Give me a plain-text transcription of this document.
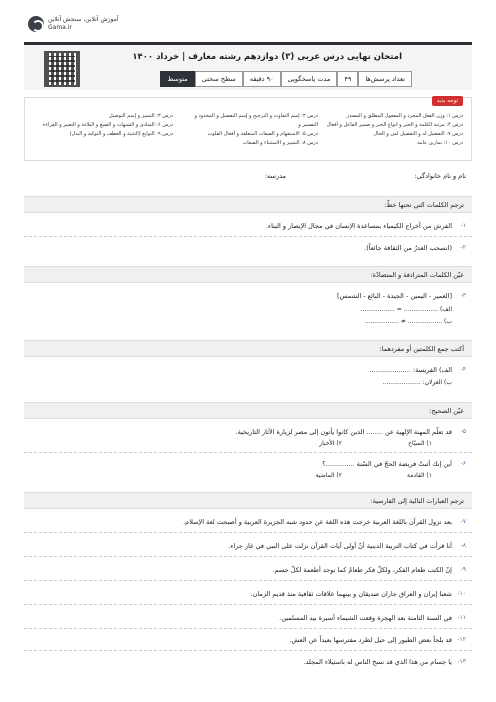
آموزش آنلاین، سنجش آنلاین
Gama.ir
امتحان نهایی درس عربی (۳) دوازدهم رشته معارف | خرداد ۱۴۰۰
تعداد پرسش‌ها
۴۹
مدت پاسخگویی
۹۰ دقیقه
سطح سختی
متوسط
توجه بدید
درس ۱: وزن الفعل المجرد و المفعول المطلق و المصدر
درس ۴: مرتبة الكلمة و الخبر و انواع الخبر و ضمير الفاعل و أفعال
درس ۷: التفضيل له و التفضيل لمن و الحال
درس ۱۰: تمارين عامة
درس ۲: إسم التفاوت و الترجيح و إسم التفضيل و المحدود و التفسير و
درس ۵: الاستفهام و الصفات المتعلقة و أفعال القلوب
درس ۸: التمييز و الاستثناء و الصفات
درس ۳: التمييز و إسم التوصيل
درس ۶: المنادى و الشبهات و الصيغ و البلاغة و التعبير و القراءة
درس ۹: التوابع (التثنية و العطف و التوكيد و البدل)
نام و نام خانوادگی:
مدرسه:
ترجم الكلمات التي تحتها خطّ:
۱-
الفرش من أخراج الكيمياء بمساعدة الإنسان في مجال الإبصار و البناء.
۲-
(انسحب الغدرُ من الثقافة جائعاً).
عيّن الكلمات المترادفة و المتضادّة:
۳-
[الغمير - اليمين - الجيدة - البائع - الشمس]
الف) .................. = ..................
ب) .................. ≠ ..................
أكتب جمع الكلمتين أو مفردهما:
۴-
الف) الفريسة: ....................
ب) الغزلان: ....................
عيّن الصحيح:
۵-
قد تعلّم المهنة الإلهية عن ........ الذين كانوا يأتون إلى مصر لزيارة الآثار التاريخية.
۱) السيّاح
۲) الأخبار
۶-
أين إنك أثبتّ فريضة الحجّ في السّنة ..............؟
۱) القادمة
۲) الماضية
ترجم العبارات التالية إلى الفارسية:
۷-
بعد نزول القرآن باللغة العربية خرجت هذه اللغة عن حدود شبه الجزيرة العربية و أصبحت لغة الإسلام.
۸-
أنا قرأت في كتاب التربية الدينية أنّ أولى آيات القرآن نزلت على النبي في غار حراء.
۹-
إنّ الكتب طعام الفكر، ولكلّ فكر طعامٌ كما توجد أطعمة لكلّ جسم.
۱۰-
شعبا إيران و العراق جاران صديقان و بينهما علاقات ثقافية منذ قديم الزمان.
۱۱-
في السنة الثامنة بعد الهجرة وقعت الشيماء أسيرة بيد المسلمين.
۱۲-
قد يلجأ بعض الطيور إلى حيل لطرد مفترسها بعيداً عن العش.
۱۳-
يا جسام من هذا الذي قد نسخ الناس له باستيلاء المجلد.
